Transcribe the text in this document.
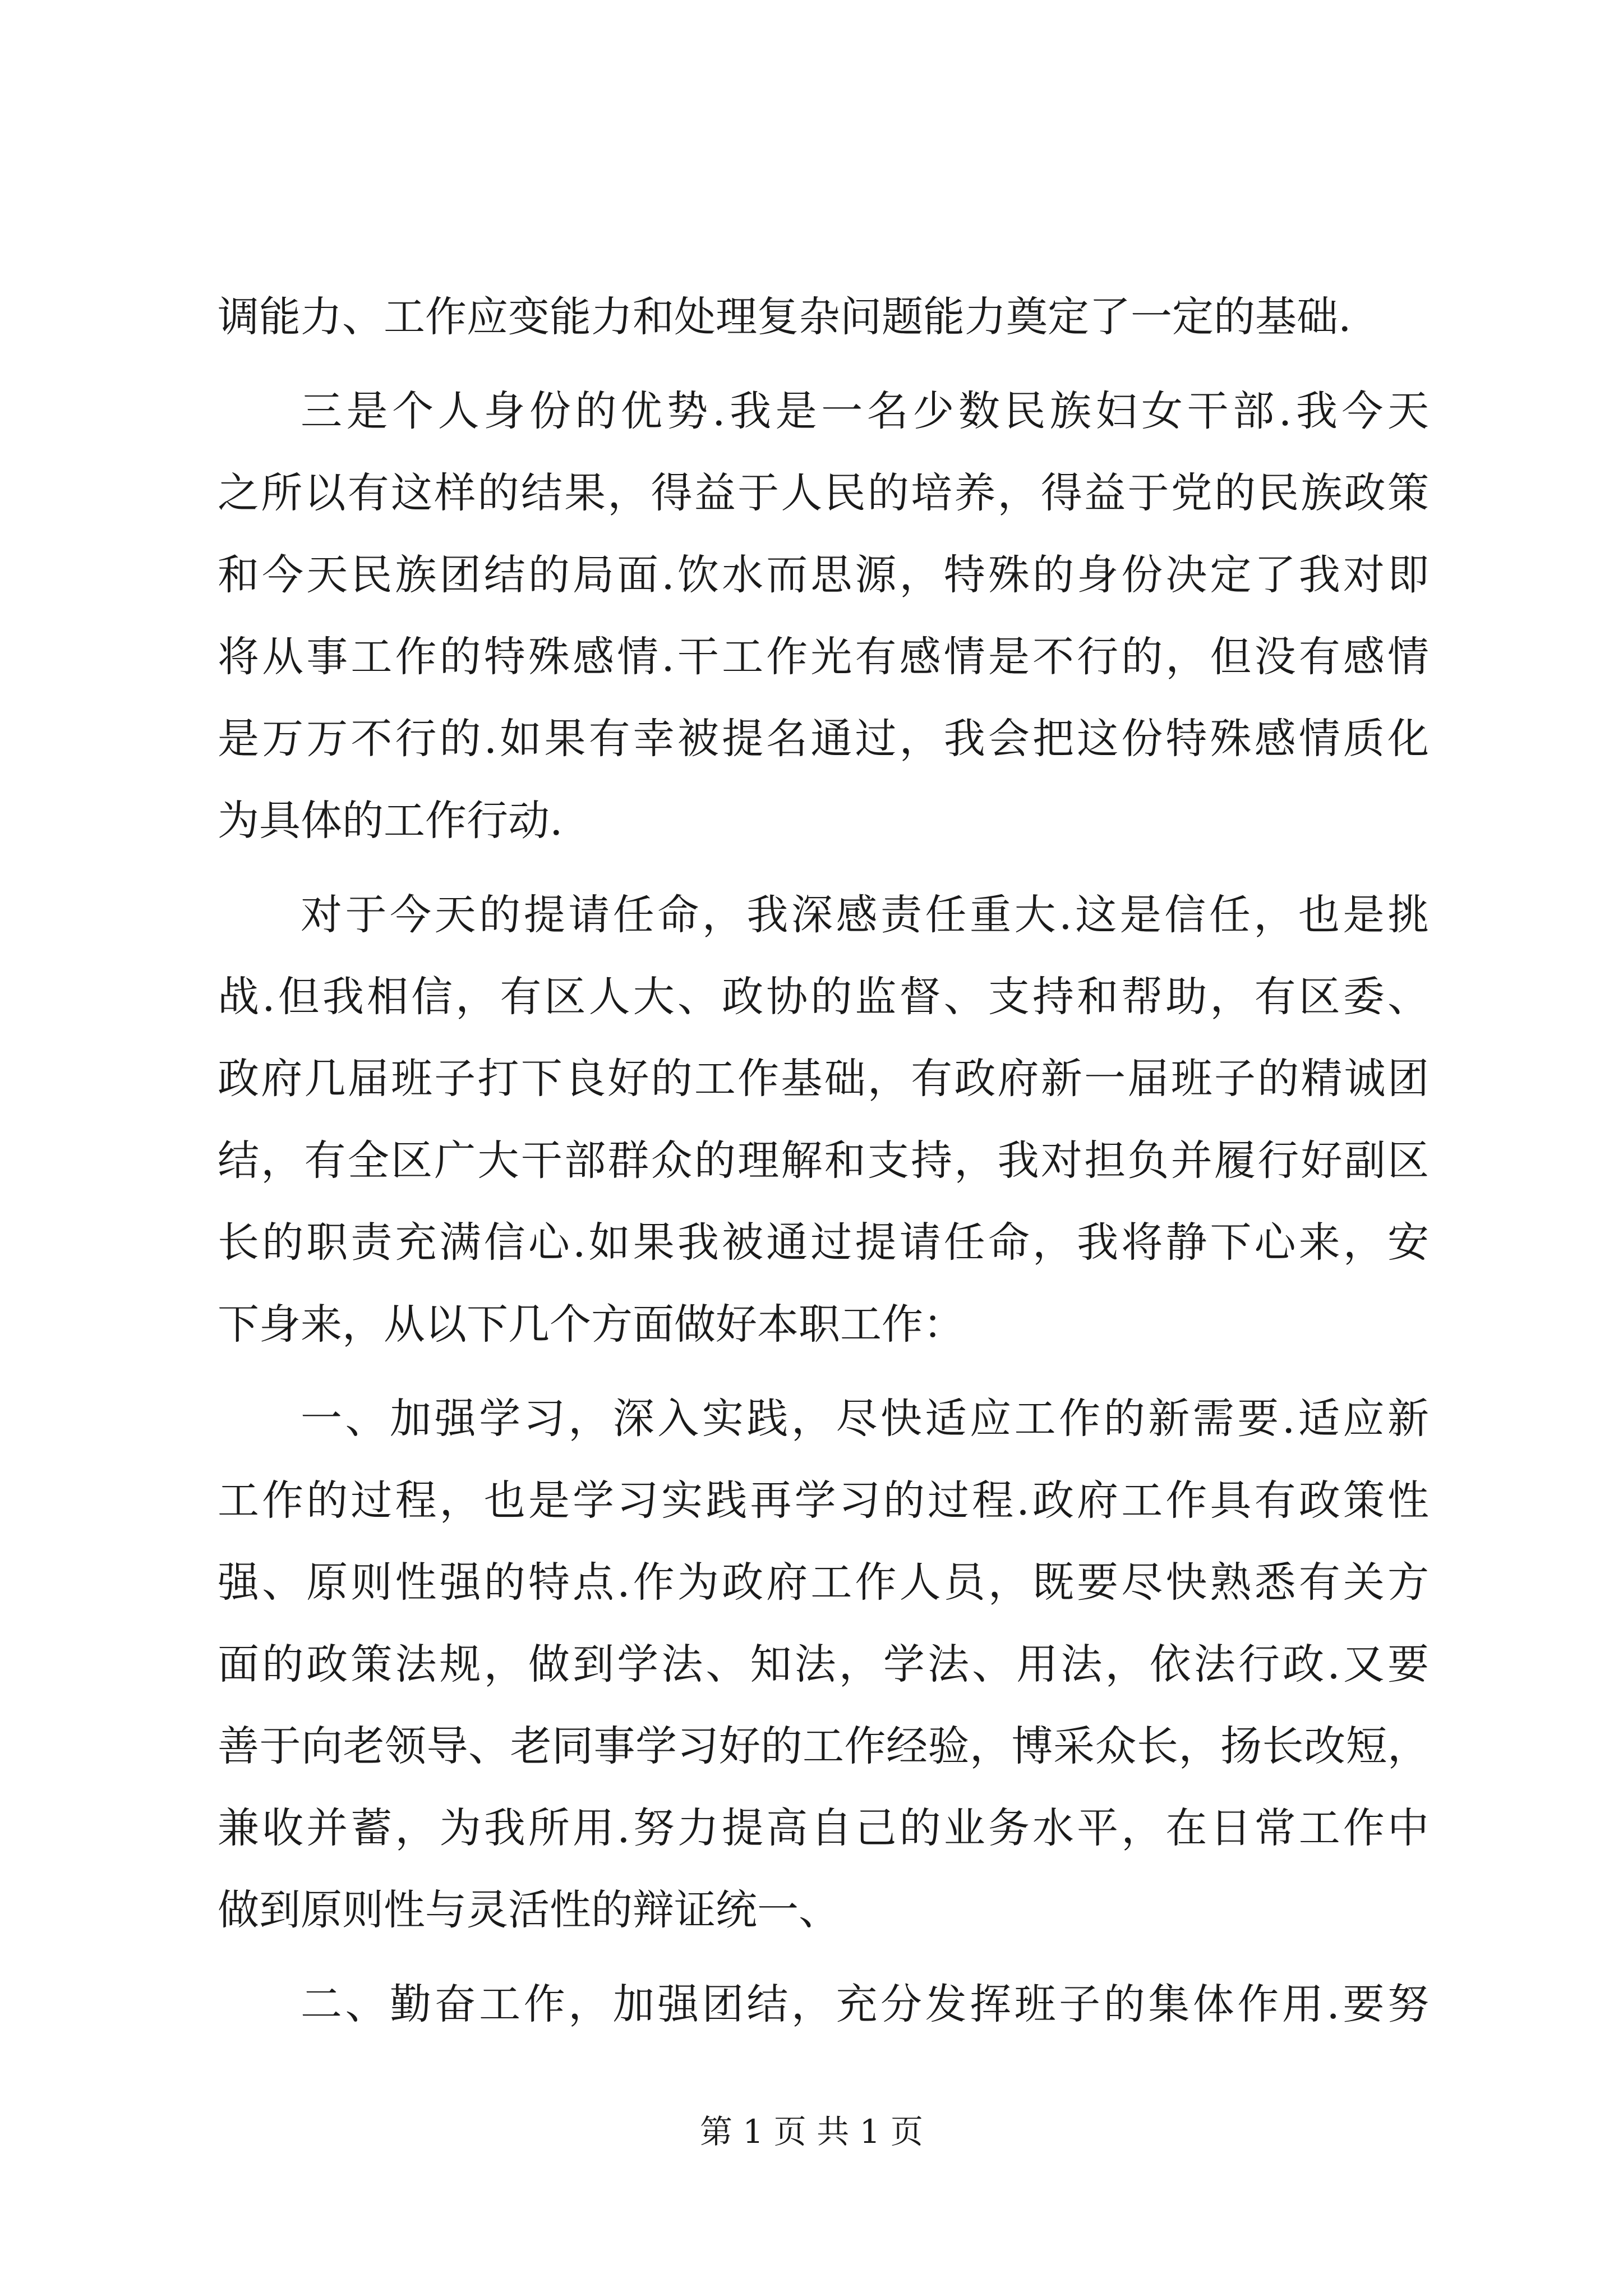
调能力、工作应变能力和处理复杂问题能力奠定了一定的基础.
三是个人身份的优势.我是一名少数民族妇女干部.我今天
之所以有这样的结果，得益于人民的培养，得益于党的民族政策
和今天民族团结的局面.饮水而思源，特殊的身份决定了我对即
将从事工作的特殊感情.干工作光有感情是不行的，但没有感情
是万万不行的.如果有幸被提名通过，我会把这份特殊感情质化
为具体的工作行动.
对于今天的提请任命，我深感责任重大.这是信任，也是挑
战.但我相信，有区人大、政协的监督、支持和帮助，有区委、
政府几届班子打下良好的工作基础，有政府新一届班子的精诚团
结，有全区广大干部群众的理解和支持，我对担负并履行好副区
长的职责充满信心.如果我被通过提请任命，我将静下心来，安
下身来，从以下几个方面做好本职工作：
一、加强学习，深入实践，尽快适应工作的新需要.适应新
工作的过程，也是学习实践再学习的过程.政府工作具有政策性
强、原则性强的特点.作为政府工作人员，既要尽快熟悉有关方
面的政策法规，做到学法、知法，学法、用法，依法行政.又要
善于向老领导、老同事学习好的工作经验，博采众长，扬长改短，
兼收并蓄，为我所用.努力提高自己的业务水平，在日常工作中
做到原则性与灵活性的辩证统一、
二、勤奋工作，加强团结，充分发挥班子的集体作用.要努
第 1 页 共 1 页
